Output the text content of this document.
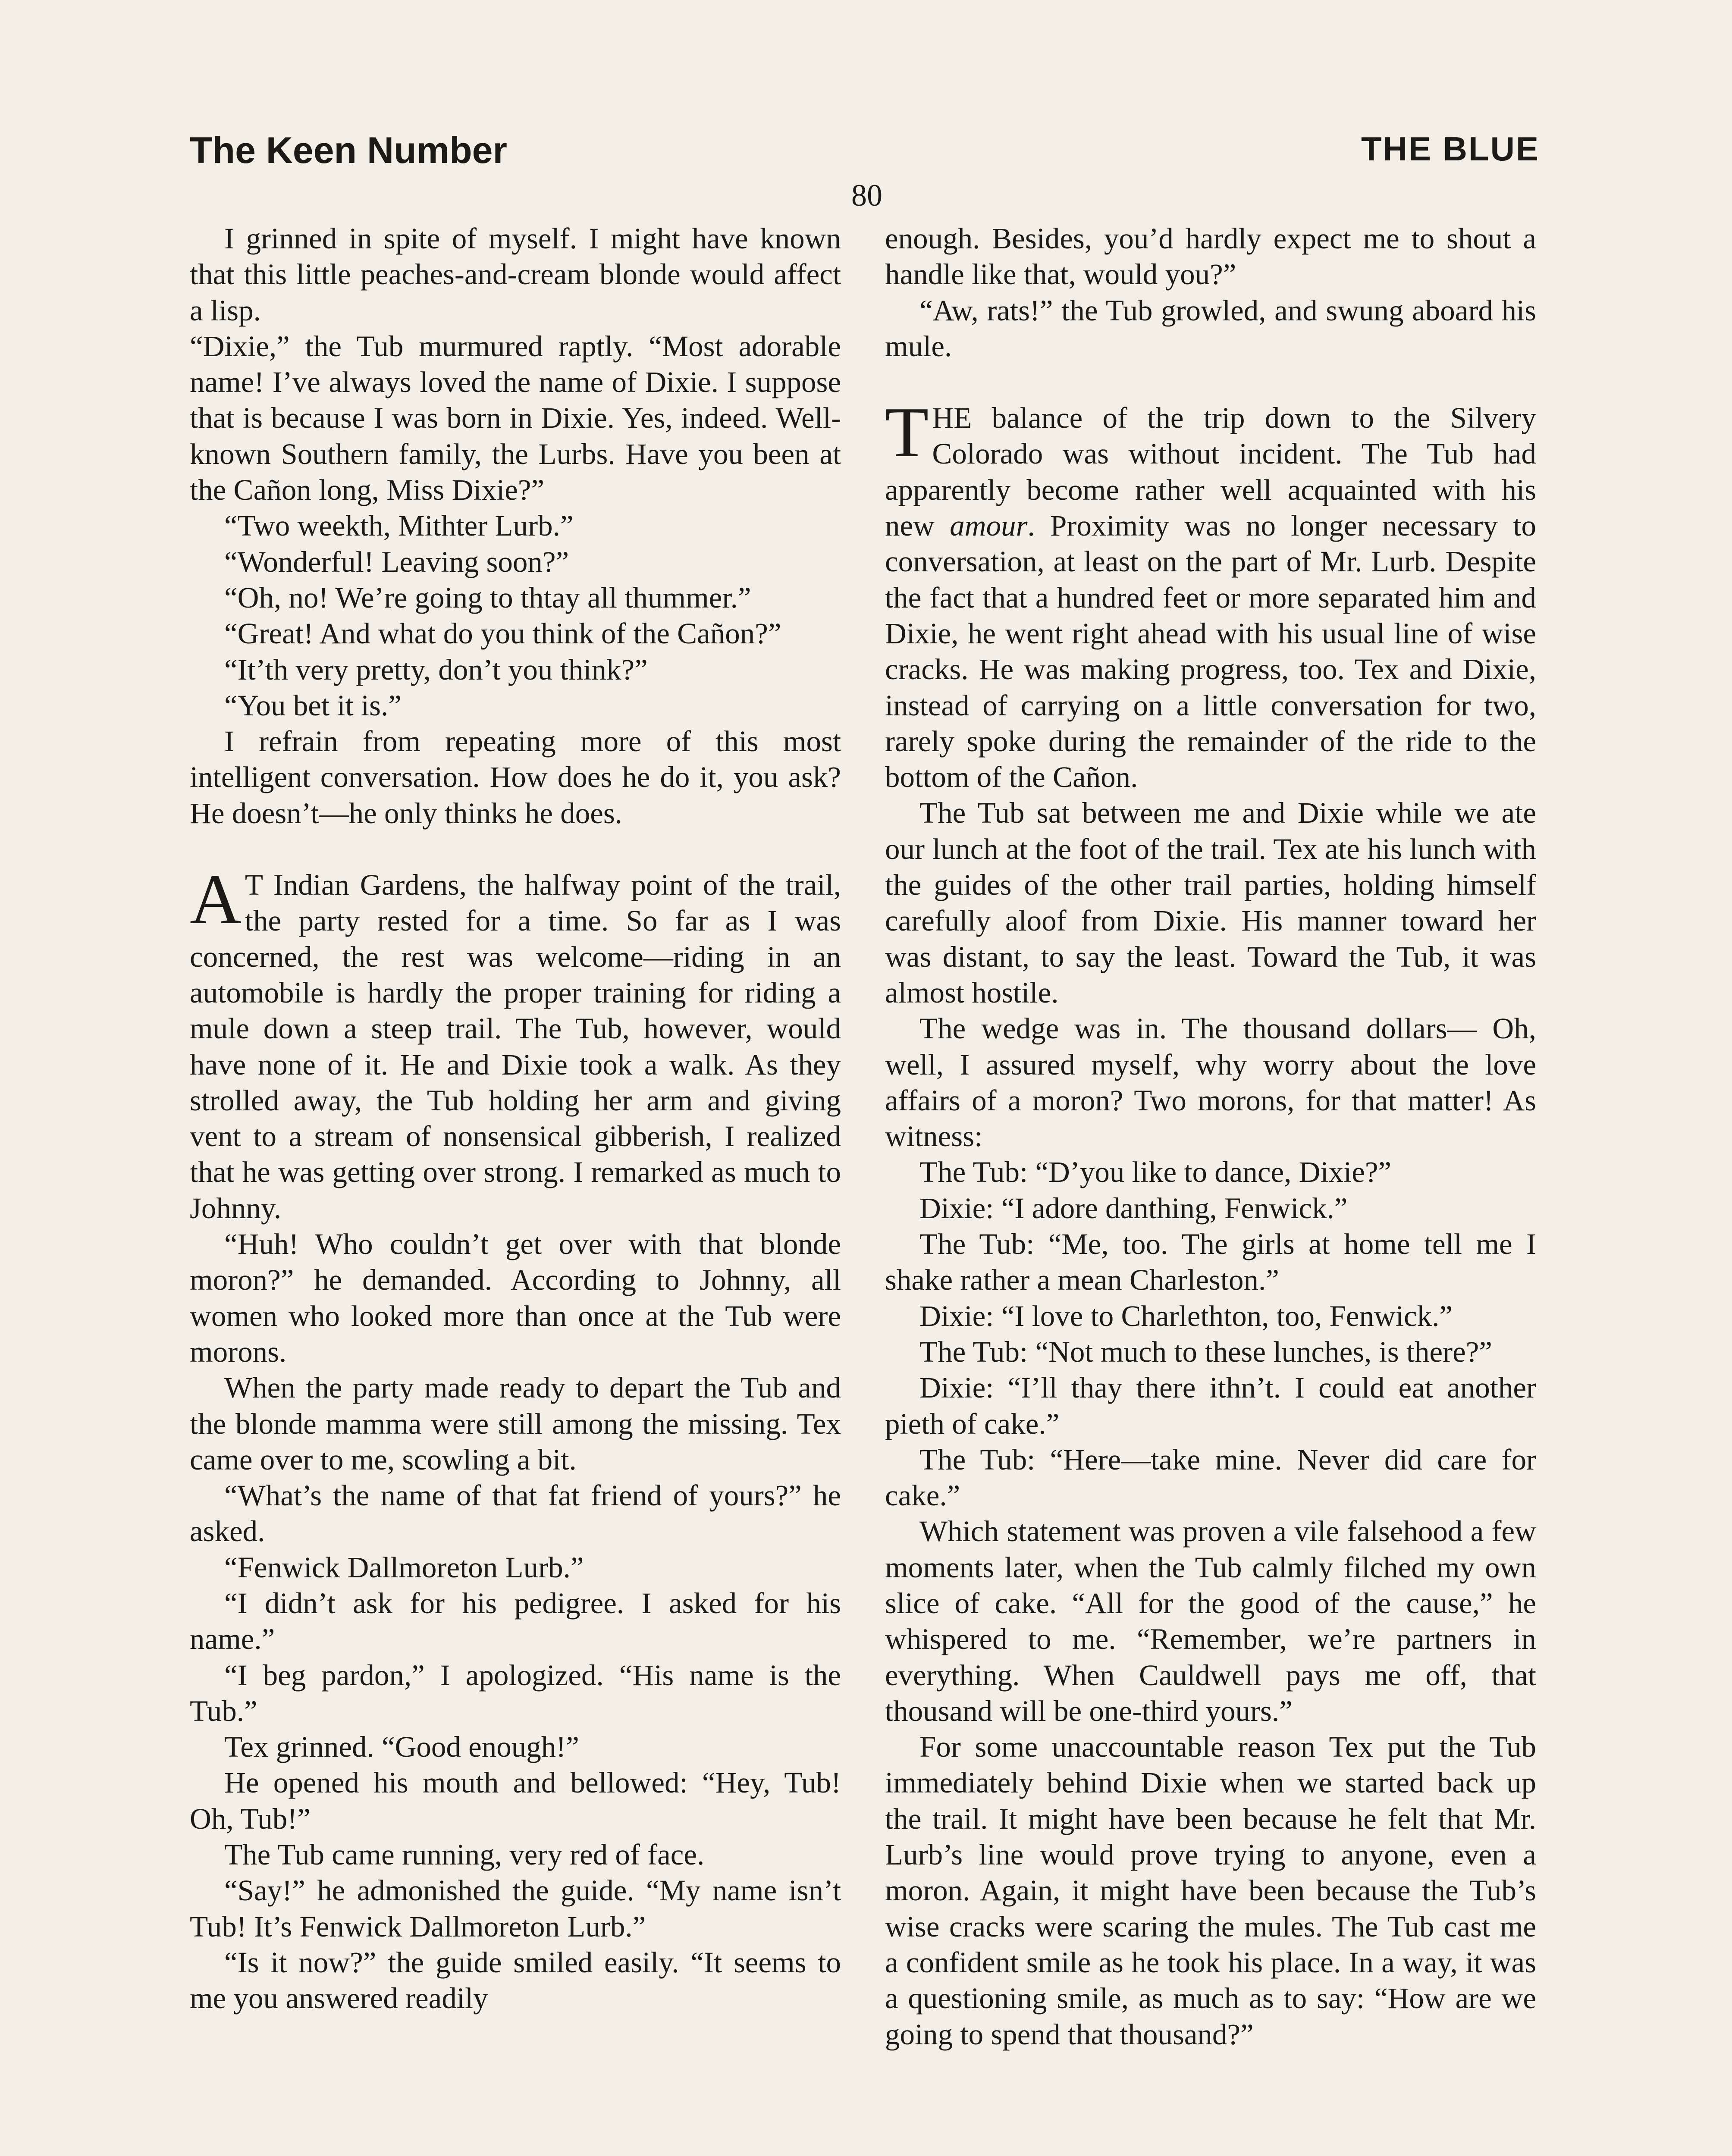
The Keen Number	THE BLUE
80

I grinned in spite of myself. I might have known that this little peaches-and-cream blonde would affect a lisp.

“Dixie,” the Tub murmured raptly. “Most adorable name! I’ve always loved the name of Dixie. I suppose that is because I was born in Dixie. Yes, indeed. Well-known Southern family, the Lurbs. Have you been at the Cañon long, Miss Dixie?”

“Two weekth, Mithter Lurb.”

“Wonderful! Leaving soon?”

“Oh, no! We’re going to thtay all thummer.”

“Great! And what do you think of the Cañon?”

“It’th very pretty, don’t you think?”

“You bet it is.”

I refrain from repeating more of this most intelligent conversation. How does he do it, you ask? He doesn’t—he only thinks he does.

A T Indian Gardens, the halfway point of the trail, the party rested for a time. So far as I was concerned, the rest was welcome—riding in an automobile is hardly the proper training for riding a mule down a steep trail. The Tub, however, would have none of it. He and Dixie took a walk. As they strolled away, the Tub holding her arm and giving vent to a stream of nonsensical gibberish, I realized that he was getting over strong. I remarked as much to Johnny.

“Huh! Who couldn’t get over with that blonde moron?” he demanded. According to Johnny, all women who looked more than once at the Tub were morons.

When the party made ready to depart the Tub and the blonde mamma were still among the missing. Tex came over to me, scowling a bit.

“What’s the name of that fat friend of yours?” he asked.

“Fenwick Dallmoreton Lurb.”

“I didn’t ask for his pedigree. I asked for his name.”

“I beg pardon,” I apologized. “His name is the Tub.”

Tex grinned. “Good enough!”

He opened his mouth and bellowed: “Hey, Tub! Oh, Tub!”

The Tub came running, very red of face.

“Say!” he admonished the guide. “My name isn’t Tub! It’s Fenwick Dallmoreton Lurb.”

“Is it now?” the guide smiled easily. “It seems to me you answered readily

enough. Besides, you’d hardly expect me to shout a handle like that, would you?”

“Aw, rats!” the Tub growled, and swung aboard his mule.

THE balance of the trip down to the Silvery Colorado was without incident. The Tub had apparently become rather well acquainted with his new amour. Proximity was no longer necessary to conversation, at least on the part of Mr. Lurb. Despite the fact that a hundred feet or more separated him and Dixie, he went right ahead with his usual line of wise cracks. He was making progress, too. Tex and Dixie, instead of carrying on a little conversation for two, rarely spoke during the remainder of the ride to the bottom of the Cañon.

The Tub sat between me and Dixie while we ate our lunch at the foot of the trail. Tex ate his lunch with the guides of the other trail parties, holding himself carefully aloof from Dixie. His manner toward her was distant, to say the least. Toward the Tub, it was almost hostile.

The wedge was in. The thousand dollars— Oh, well, I assured myself, why worry about the love affairs of a moron? Two morons, for that matter! As witness:

The Tub: “D’you like to dance, Dixie?”

Dixie: “I adore danthing, Fenwick.”

The Tub: “Me, too. The girls at home tell me I shake rather a mean Charleston.”

Dixie: “I love to Charlethton, too, Fenwick.”

The Tub: “Not much to these lunches, is there?”

Dixie: “I’ll thay there ithn’t. I could eat another pieth of cake.”

The Tub: “Here—take mine. Never did care for cake.”

Which statement was proven a vile falsehood a few moments later, when the Tub calmly filched my own slice of cake. “All for the good of the cause,” he whispered to me. “Remember, we’re partners in everything. When Cauldwell pays me off, that thousand will be one-third yours.”

For some unaccountable reason Tex put the Tub immediately behind Dixie when we started back up the trail. It might have been because he felt that Mr. Lurb’s line would prove trying to anyone, even a moron. Again, it might have been because the Tub’s wise cracks were scaring the mules. The Tub cast me a confident smile as he took his place. In a way, it was a questioning smile, as much as to say: “How are we going to spend that thousand?”
